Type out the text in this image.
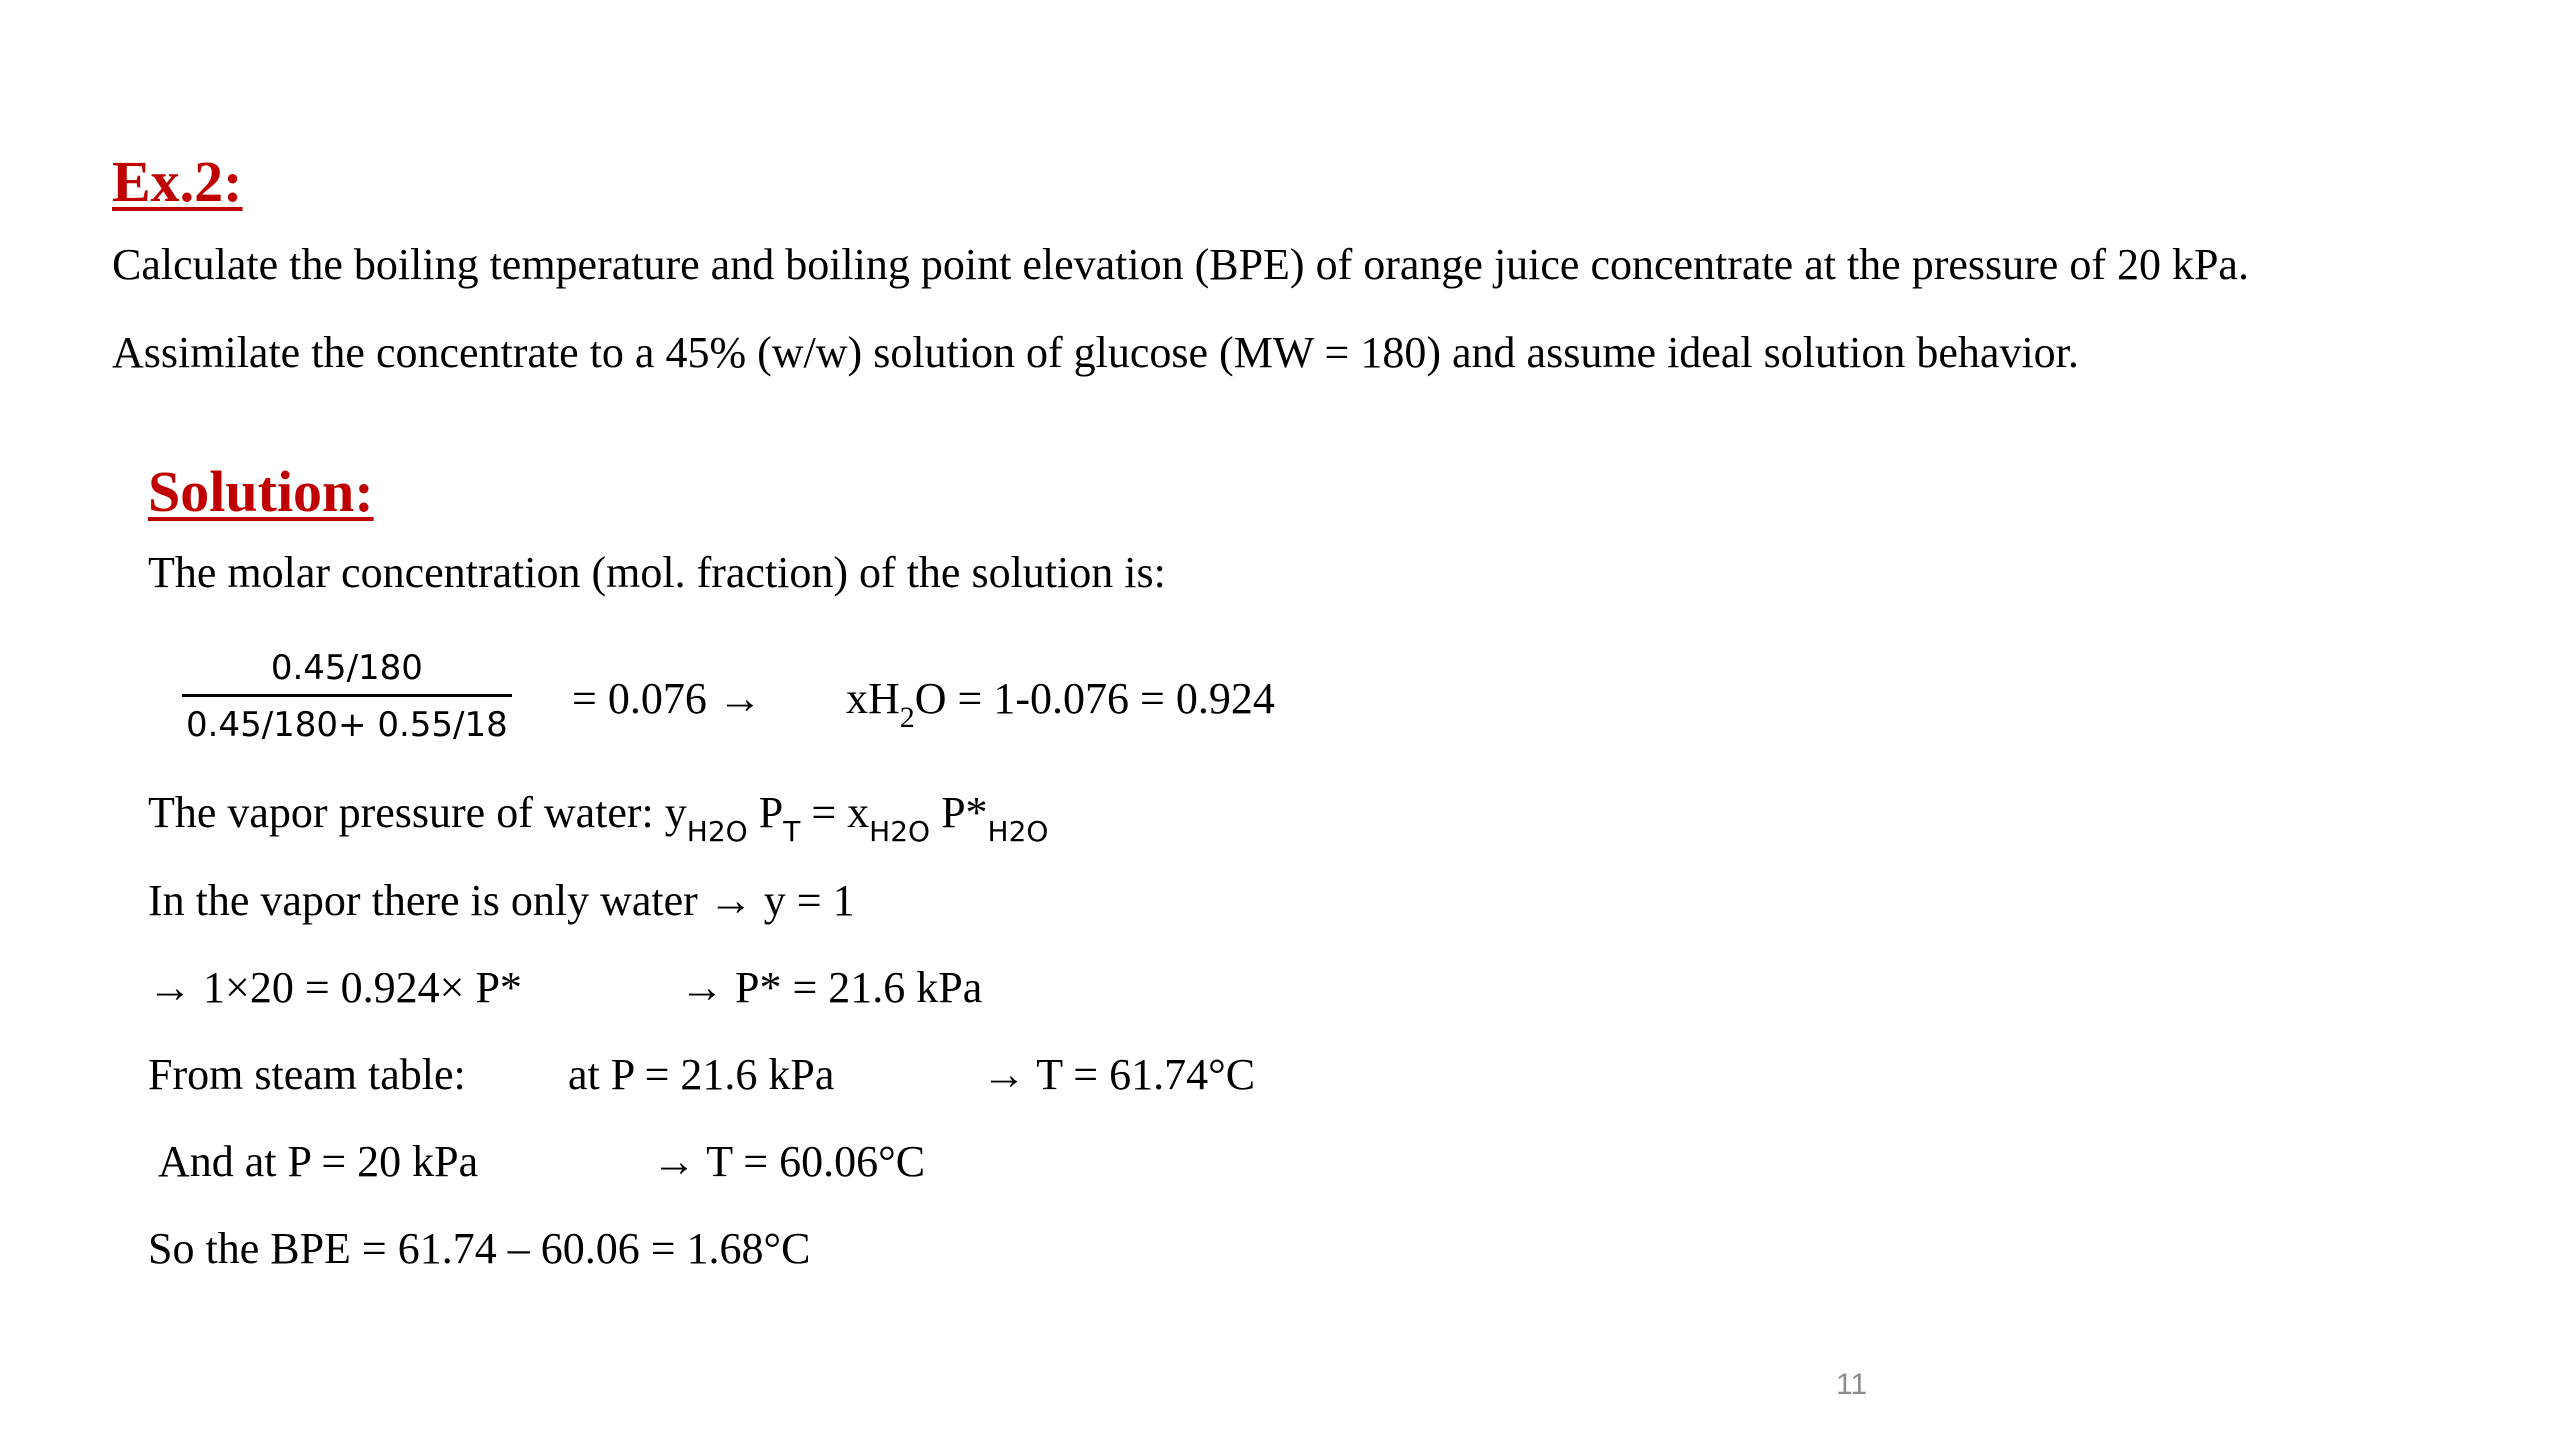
Ex.2:
Calculate the boiling temperature and boiling point elevation (BPE) of orange juice concentrate at the pressure of 20 kPa.
Assimilate the concentrate to a 45% (w/w) solution of glucose (MW = 180) and assume ideal solution behavior.
Solution:
The molar concentration (mol. fraction) of the solution is:
0.45/180
0.45/180+ 0.55/18
= $0.076 \to xH_2O = 1-0.076 = 0.924$
The vapor pressure of water: $y_{H2O}$ $P_T = x_{H2O}$ $P*_{H2O}$
In the vapor there is only water → y = 1
→ 1×20 = 0.924× P*	→ P* = 21.6 kPa
From steam table: at P = 21.6 kPa	→ T = 61.74°C
And at P = 20 kPa	→ T = 60.06°C
So the BPE = 61.74 – 60.06 = 1.68°C
11
